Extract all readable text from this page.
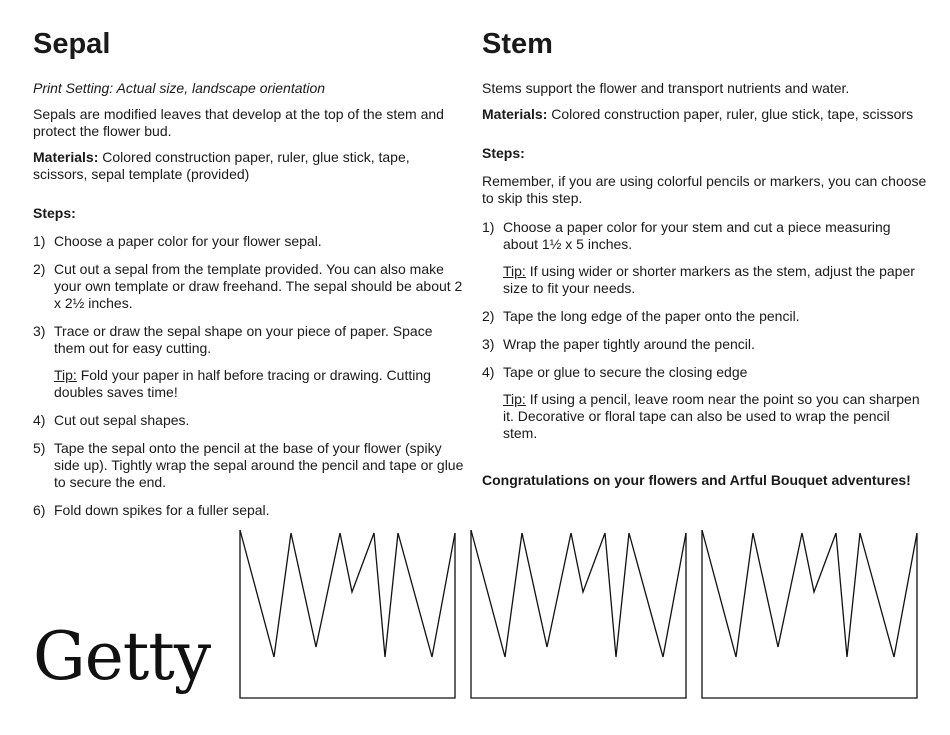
Sepal

Print Setting: Actual size, landscape orientation

Sepals are modified leaves that develop at the top of the stem and protect the flower bud.

Materials: Colored construction paper, ruler, glue stick, tape, scissors, sepal template (provided)

Steps:

1) Choose a paper color for your flower sepal.
2) Cut out a sepal from the template provided. You can also make your own template or draw freehand. The sepal should be about 2 x 2½ inches.
3) Trace or draw the sepal shape on your piece of paper. Space them out for easy cutting.

Tip: Fold your paper in half before tracing or drawing. Cutting doubles saves time!

4) Cut out sepal shapes.
5) Tape the sepal onto the pencil at the base of your flower (spiky side up). Tightly wrap the sepal around the pencil and tape or glue to secure the end.
6) Fold down spikes for a fuller sepal.
Stem

Stems support the flower and transport nutrients and water.

Materials: Colored construction paper, ruler, glue stick, tape, scissors

Steps:

Remember, if you are using colorful pencils or markers, you can choose to skip this step.

1) Choose a paper color for your stem and cut a piece measuring about 1½ x 5 inches.

Tip: If using wider or shorter markers as the stem, adjust the paper size to fit your needs.

2) Tape the long edge of the paper onto the pencil.
3) Wrap the paper tightly around the pencil.
4) Tape or glue to secure the closing edge

Tip: If using a pencil, leave room near the point so you can sharpen it. Decorative or floral tape can also be used to wrap the pencil stem.

Congratulations on your flowers and Artful Bouquet adventures!

Getty
